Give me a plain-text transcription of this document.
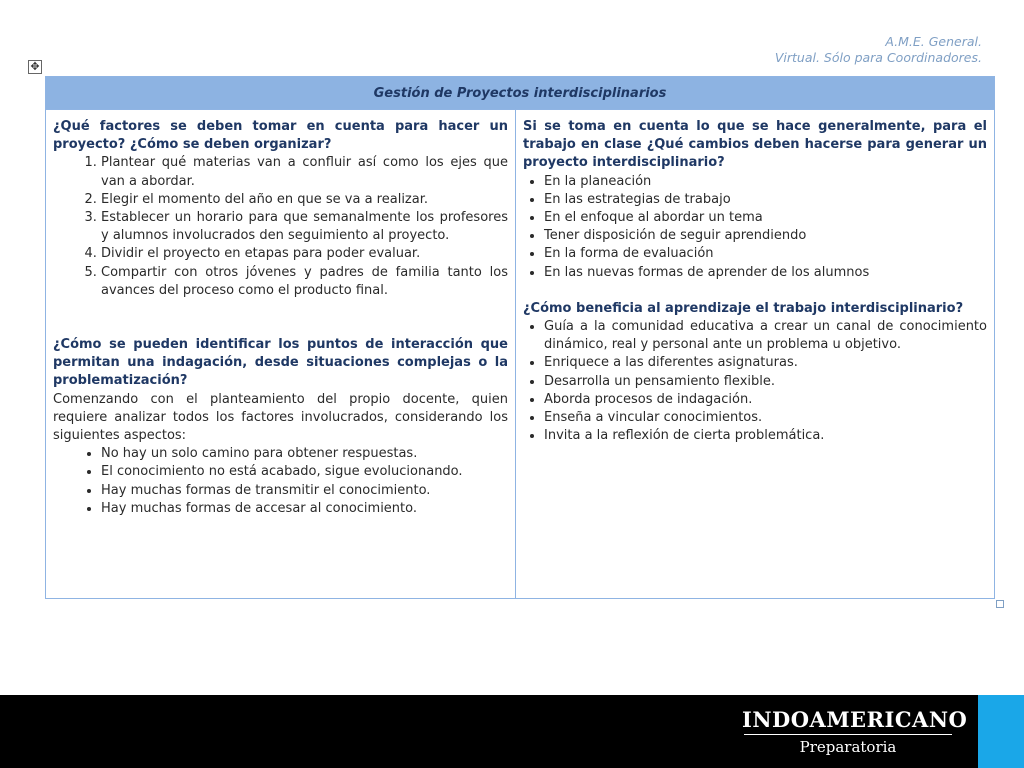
A.M.E. General.
Virtual. Sólo para Coordinadores.
✥
Gestión de Proyectos interdisciplinarios

¿Qué factores se deben tomar en cuenta para hacer un proyecto? ¿Cómo se deben organizar?

1. Plantear qué materias van a confluir así como los ejes que van a abordar.
2. Elegir el momento del año en que se va a realizar.
3. Establecer un horario para que semanalmente los profesores y alumnos involucrados den seguimiento al proyecto.
4. Dividir el proyecto en etapas para poder evaluar.
5. Compartir con otros jóvenes y padres de familia tanto los avances del proceso como el producto final.

¿Cómo se pueden identificar los puntos de interacción que permitan una indagación, desde situaciones complejas o la problematización?

Comenzando con el planteamiento del propio docente, quien requiere analizar todos los factores involucrados, considerando los siguientes aspectos:

• No hay un solo camino para obtener respuestas.
• El conocimiento no está acabado, sigue evolucionando.
• Hay muchas formas de transmitir el conocimiento.
• Hay muchas formas de accesar al conocimiento.

Si se toma en cuenta lo que se hace generalmente, para el trabajo en clase ¿Qué cambios deben hacerse para generar un proyecto interdisciplinario?

• En la planeación
• En las estrategias de trabajo
• En el enfoque al abordar un tema
• Tener disposición de seguir aprendiendo
• En la forma de evaluación
• En las nuevas formas de aprender de los alumnos

¿Cómo beneficia al aprendizaje el trabajo interdisciplinario?

• Guía a la comunidad educativa a crear un canal de conocimiento dinámico, real y personal ante un problema u objetivo.
• Enriquece a las diferentes asignaturas.
• Desarrolla un pensamiento flexible.
• Aborda procesos de indagación.
• Enseña a vincular conocimientos.
• Invita a la reflexión de cierta problemática.
INDOAMERICANO
Preparatoria
